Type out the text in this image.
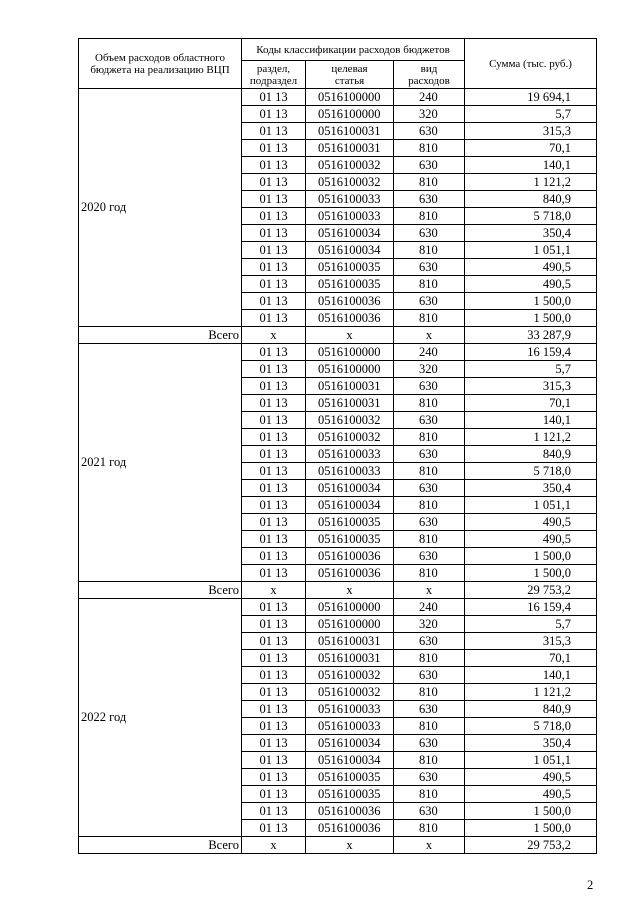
Объем расходов областного бюджета на реализацию ВЦП	Коды классификации расходов бюджетов			Сумма (тыс. руб.)
	раздел, подраздел	целевая статья	вид расходов	
2020 год	01 13	0516100000	240	19 694,1
	01 13	0516100000	320	5,7
	01 13	0516100031	630	315,3
	01 13	0516100031	810	70,1
	01 13	0516100032	630	140,1
	01 13	0516100032	810	1 121,2
	01 13	0516100033	630	840,9
	01 13	0516100033	810	5 718,0
	01 13	0516100034	630	350,4
	01 13	0516100034	810	1 051,1
	01 13	0516100035	630	490,5
	01 13	0516100035	810	490,5
	01 13	0516100036	630	1 500,0
	01 13	0516100036	810	1 500,0
Всего	x	x	x	33 287,9
2021 год	01 13	0516100000	240	16 159,4
	01 13	0516100000	320	5,7
	01 13	0516100031	630	315,3
	01 13	0516100031	810	70,1
	01 13	0516100032	630	140,1
	01 13	0516100032	810	1 121,2
	01 13	0516100033	630	840,9
	01 13	0516100033	810	5 718,0
	01 13	0516100034	630	350,4
	01 13	0516100034	810	1 051,1
	01 13	0516100035	630	490,5
	01 13	0516100035	810	490,5
	01 13	0516100036	630	1 500,0
	01 13	0516100036	810	1 500,0
Всего	x	x	x	29 753,2
2022 год	01 13	0516100000	240	16 159,4
	01 13	0516100000	320	5,7
	01 13	0516100031	630	315,3
	01 13	0516100031	810	70,1
	01 13	0516100032	630	140,1
	01 13	0516100032	810	1 121,2
	01 13	0516100033	630	840,9
	01 13	0516100033	810	5 718,0
	01 13	0516100034	630	350,4
	01 13	0516100034	810	1 051,1
	01 13	0516100035	630	490,5
	01 13	0516100035	810	490,5
	01 13	0516100036	630	1 500,0
	01 13	0516100036	810	1 500,0
Всего	x	x	x	29 753,2
2
